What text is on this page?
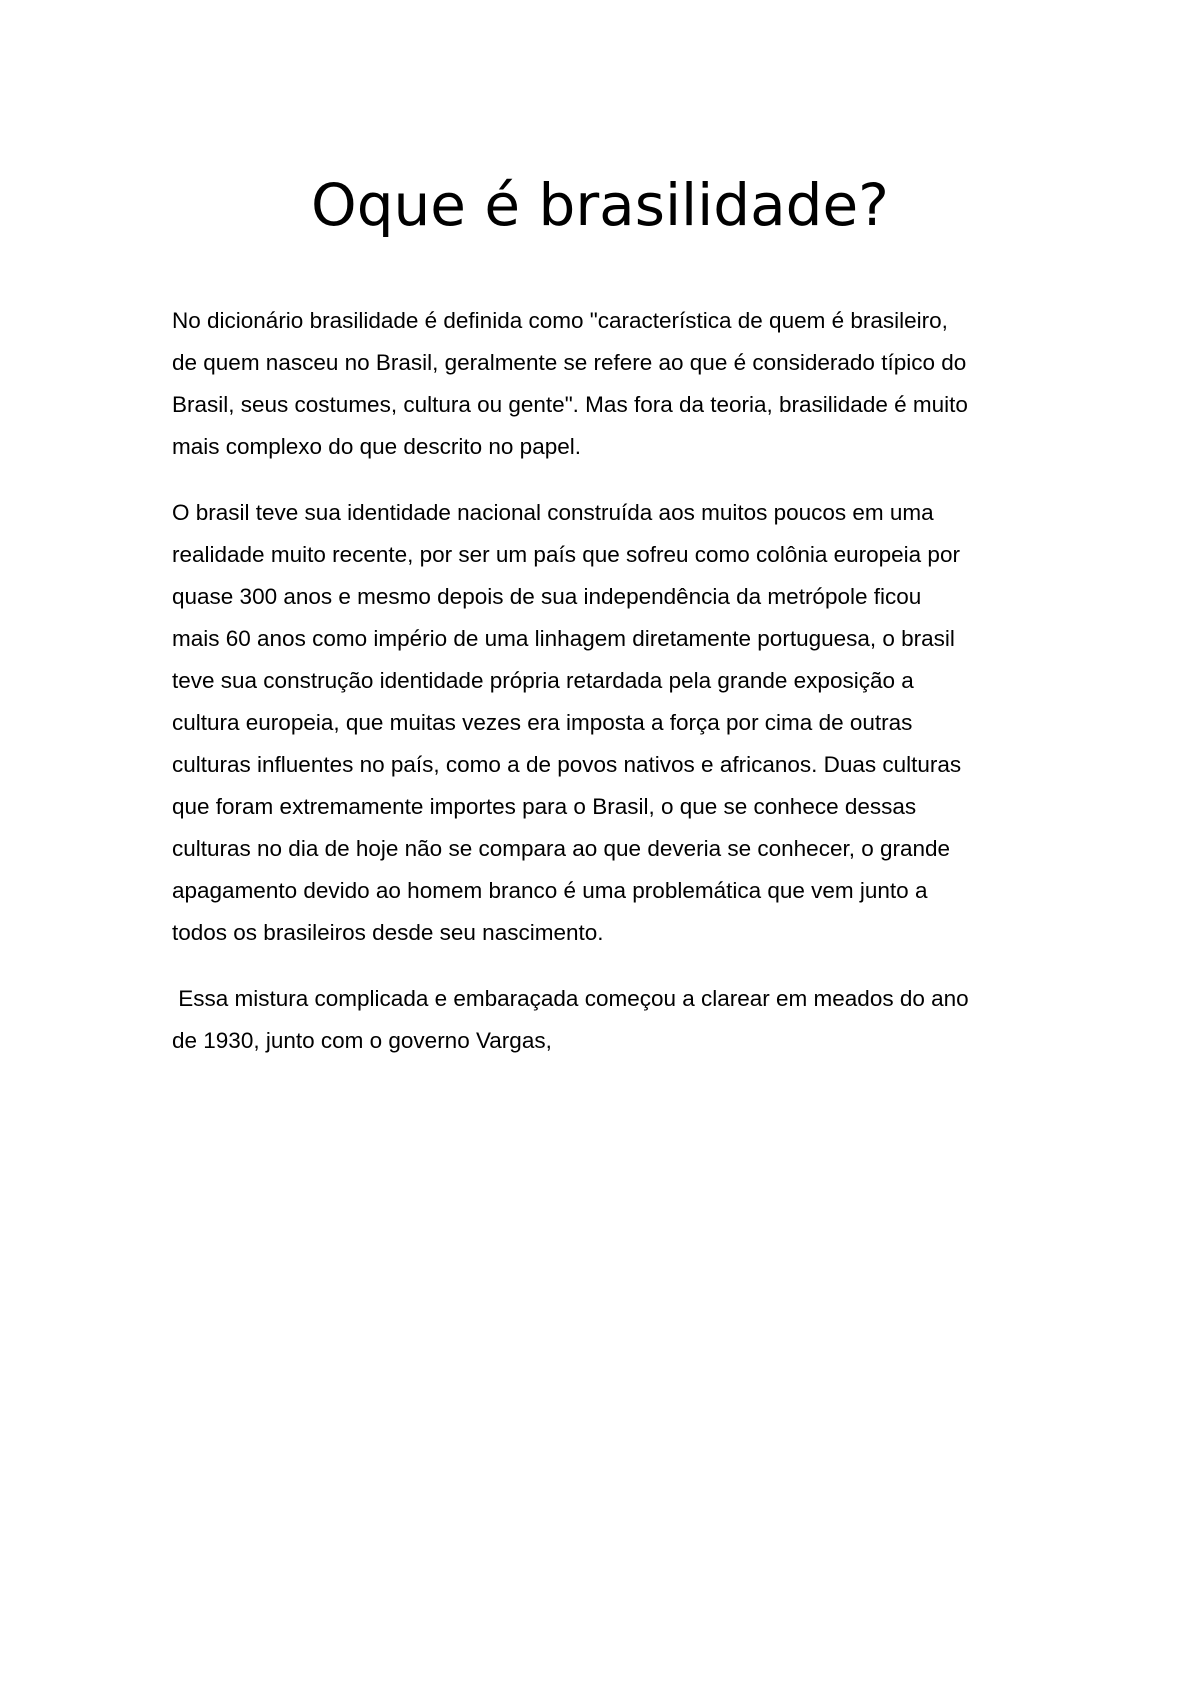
Oque é brasilidade?

No dicionário brasilidade é definida como "característica de quem é brasileiro,
de quem nasceu no Brasil, geralmente se refere ao que é considerado típico do
Brasil, seus costumes, cultura ou gente". Mas fora da teoria, brasilidade é muito
mais complexo do que descrito no papel.

O brasil teve sua identidade nacional construída aos muitos poucos em uma
realidade muito recente, por ser um país que sofreu como colônia europeia por
quase 300 anos e mesmo depois de sua independência da metrópole ficou
mais 60 anos como império de uma linhagem diretamente portuguesa, o brasil
teve sua construção identidade própria retardada pela grande exposição a
cultura europeia, que muitas vezes era imposta a força por cima de outras
culturas influentes no país, como a de povos nativos e africanos. Duas culturas
que foram extremamente importes para o Brasil, o que se conhece dessas
culturas no dia de hoje não se compara ao que deveria se conhecer, o grande
apagamento devido ao homem branco é uma problemática que vem junto a
todos os brasileiros desde seu nascimento.

Essa mistura complicada e embaraçada começou a clarear em meados do ano
de 1930, junto com o governo Vargas,
